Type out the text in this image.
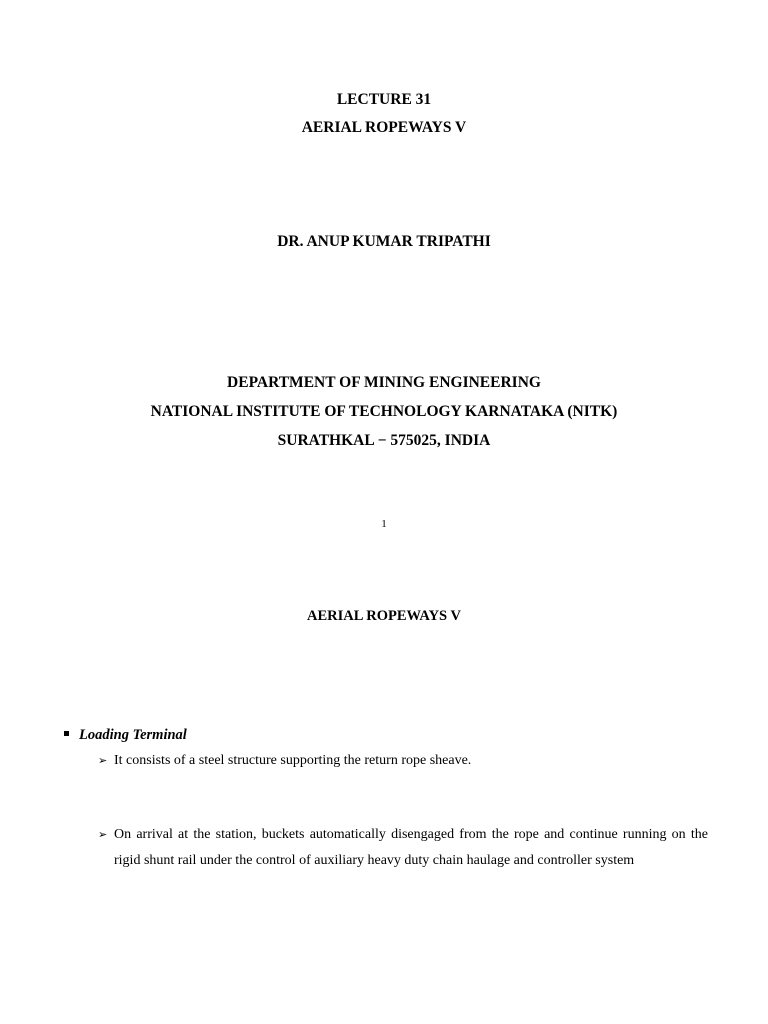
LECTURE 31
AERIAL ROPEWAYS V
DR. ANUP KUMAR TRIPATHI
DEPARTMENT OF MINING ENGINEERING
NATIONAL INSTITUTE OF TECHNOLOGY KARNATAKA (NITK)
SURATHKAL − 575025, INDIA
1
AERIAL ROPEWAYS V
Loading Terminal
➢ It consists of a steel structure supporting the return rope sheave.
➢ On arrival at the station, buckets automatically disengaged from the rope and continue running on the rigid shunt rail under the control of auxiliary heavy duty chain haulage and controller system
